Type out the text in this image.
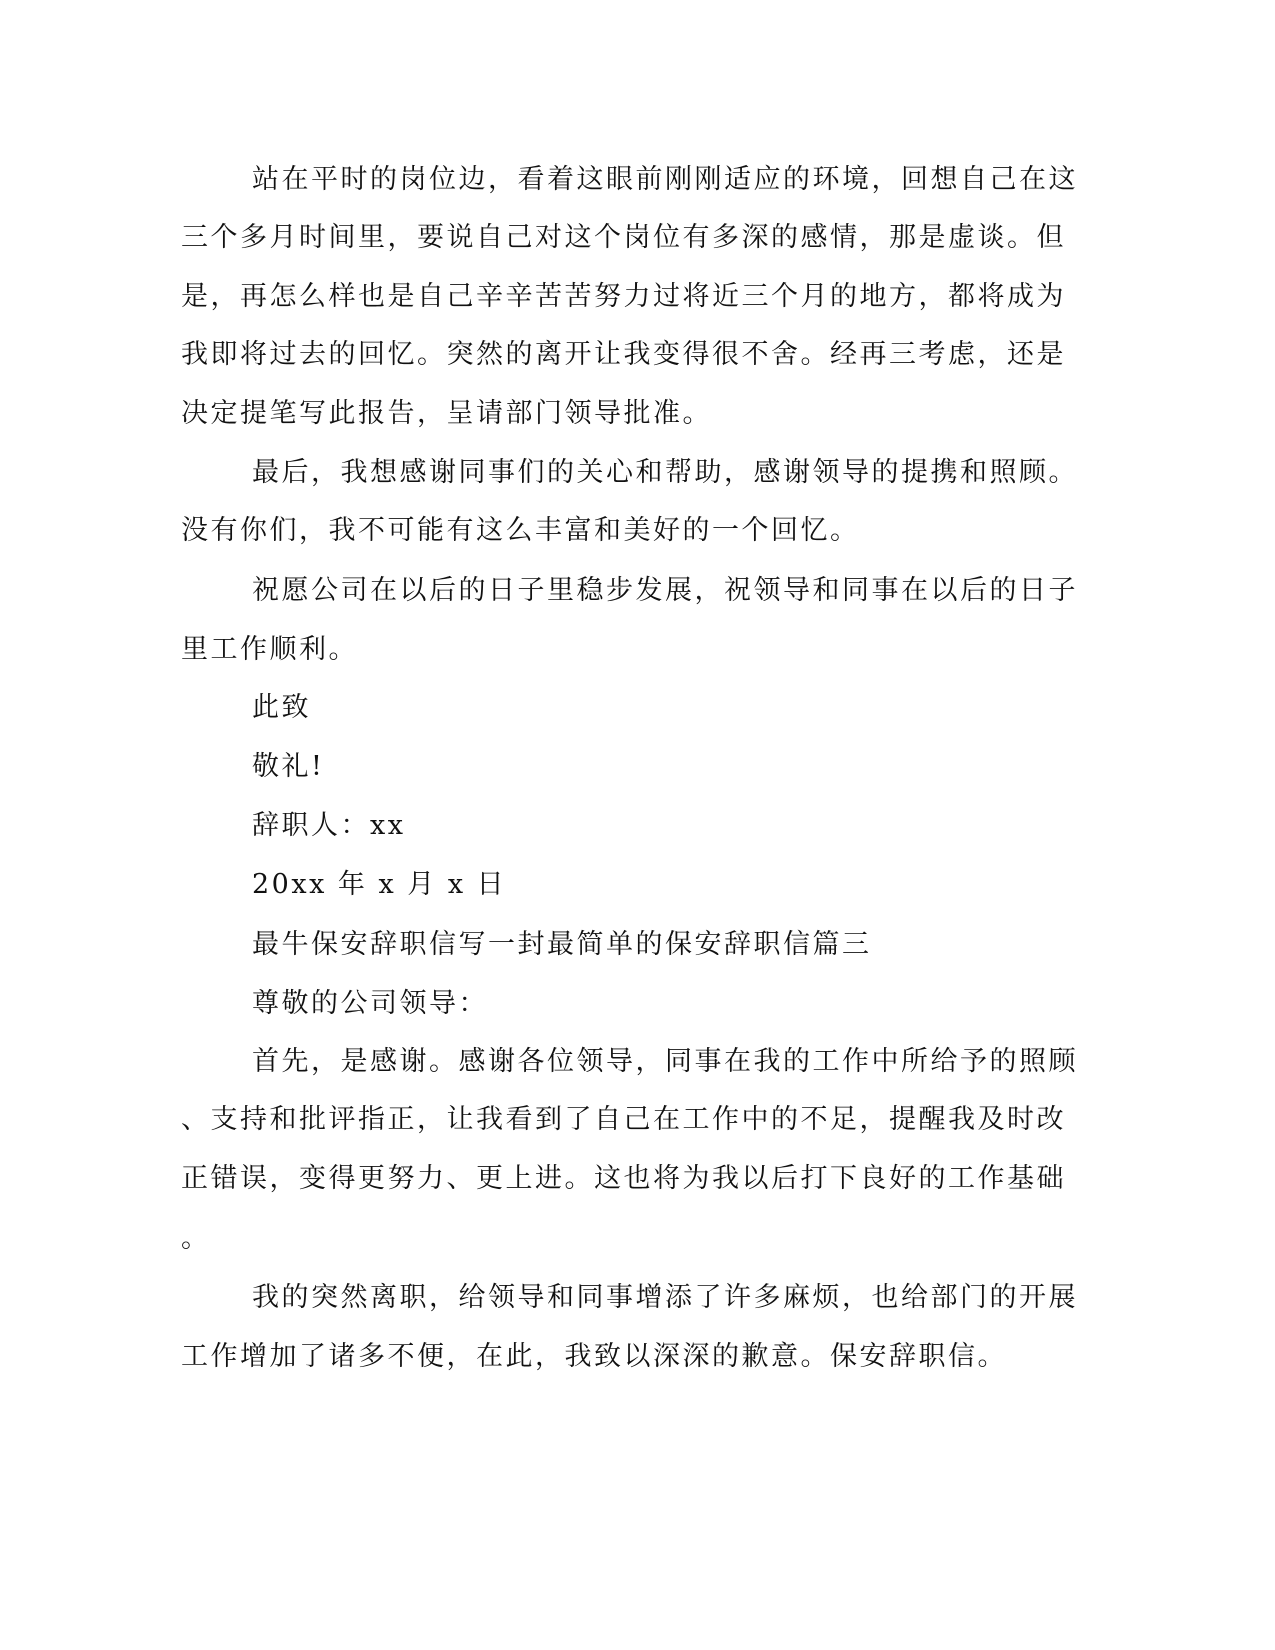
站在平时的岗位边，看着这眼前刚刚适应的环境，回想自己在这

三个多月时间里，要说自己对这个岗位有多深的感情，那是虚谈。但

是，再怎么样也是自己辛辛苦苦努力过将近三个月的地方，都将成为

我即将过去的回忆。突然的离开让我变得很不舍。经再三考虑，还是

决定提笔写此报告，呈请部门领导批准。

最后，我想感谢同事们的关心和帮助，感谢领导的提携和照顾。

没有你们，我不可能有这么丰富和美好的一个回忆。

祝愿公司在以后的日子里稳步发展，祝领导和同事在以后的日子

里工作顺利。

此致

敬礼!

辞职人：xx

20xx 年 x 月 x 日

最牛保安辞职信写一封最简单的保安辞职信篇三

尊敬的公司领导：

首先，是感谢。感谢各位领导，同事在我的工作中所给予的照顾

、支持和批评指正，让我看到了自己在工作中的不足，提醒我及时改

正错误，变得更努力、更上进。这也将为我以后打下良好的工作基础

。

我的突然离职，给领导和同事增添了许多麻烦，也给部门的开展

工作增加了诸多不便，在此，我致以深深的歉意。保安辞职信。
